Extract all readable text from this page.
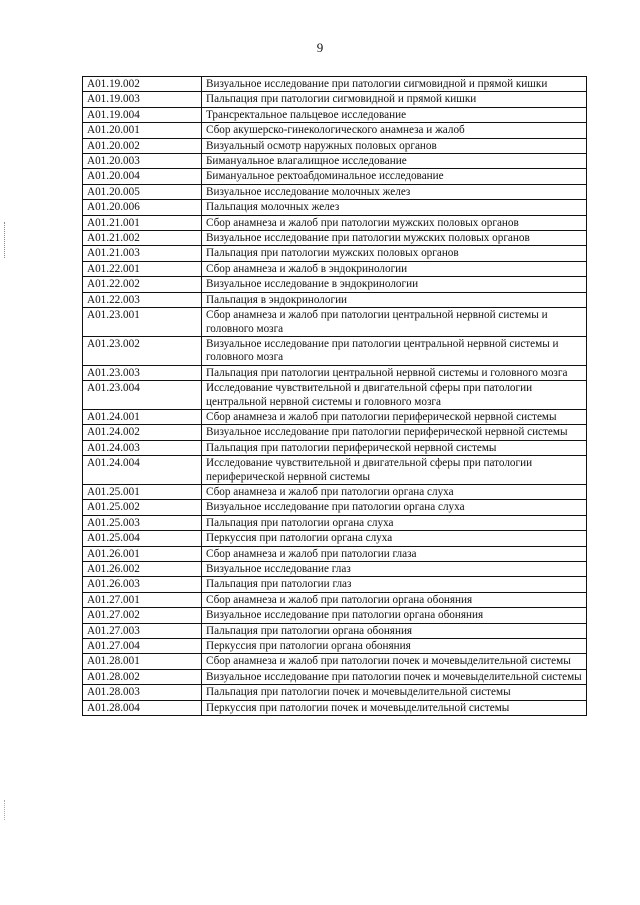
9
A01.19.002	Визуальное исследование при патологии сигмовидной и прямой кишки
A01.19.003	Пальпация при патологии сигмовидной и прямой кишки
A01.19.004	Трансректальное пальцевое исследование
A01.20.001	Сбор акушерско-гинекологического анамнеза и жалоб
A01.20.002	Визуальный осмотр наружных половых органов
A01.20.003	Бимануальное влагалищное исследование
A01.20.004	Бимануальное ректоабдоминальное исследование
A01.20.005	Визуальное исследование молочных желез
A01.20.006	Пальпация молочных желез
A01.21.001	Сбор анамнеза и жалоб при патологии мужских половых органов
A01.21.002	Визуальное исследование при патологии мужских половых органов
A01.21.003	Пальпация при патологии мужских половых органов
A01.22.001	Сбор анамнеза и жалоб в эндокринологии
A01.22.002	Визуальное исследование в эндокринологии
A01.22.003	Пальпация в эндокринологии
A01.23.001	Сбор анамнеза и жалоб при патологии центральной нервной системы и головного мозга
A01.23.002	Визуальное исследование при патологии центральной нервной системы и головного мозга
A01.23.003	Пальпация при патологии центральной нервной системы и головного мозга
A01.23.004	Исследование чувствительной и двигательной сферы при патологии центральной нервной системы и головного мозга
A01.24.001	Сбор анамнеза и жалоб при патологии периферической нервной системы
A01.24.002	Визуальное исследование при патологии периферической нервной системы
A01.24.003	Пальпация при патологии периферической нервной системы
A01.24.004	Исследование чувствительной и двигательной сферы при патологии периферической нервной системы
A01.25.001	Сбор анамнеза и жалоб при патологии органа слуха
A01.25.002	Визуальное исследование при патологии органа слуха
A01.25.003	Пальпация при патологии органа слуха
A01.25.004	Перкуссия при патологии органа слуха
A01.26.001	Сбор анамнеза и жалоб при патологии глаза
A01.26.002	Визуальное исследование глаз
A01.26.003	Пальпация при патологии глаз
A01.27.001	Сбор анамнеза и жалоб при патологии органа обоняния
A01.27.002	Визуальное исследование при патологии органа обоняния
A01.27.003	Пальпация при патологии органа обоняния
A01.27.004	Перкуссия при патологии органа обоняния
A01.28.001	Сбор анамнеза и жалоб при патологии почек и мочевыделительной системы
A01.28.002	Визуальное исследование при патологии почек и мочевыделительной системы
A01.28.003	Пальпация при патологии почек и мочевыделительной системы
A01.28.004	Перкуссия при патологии почек и мочевыделительной системы
